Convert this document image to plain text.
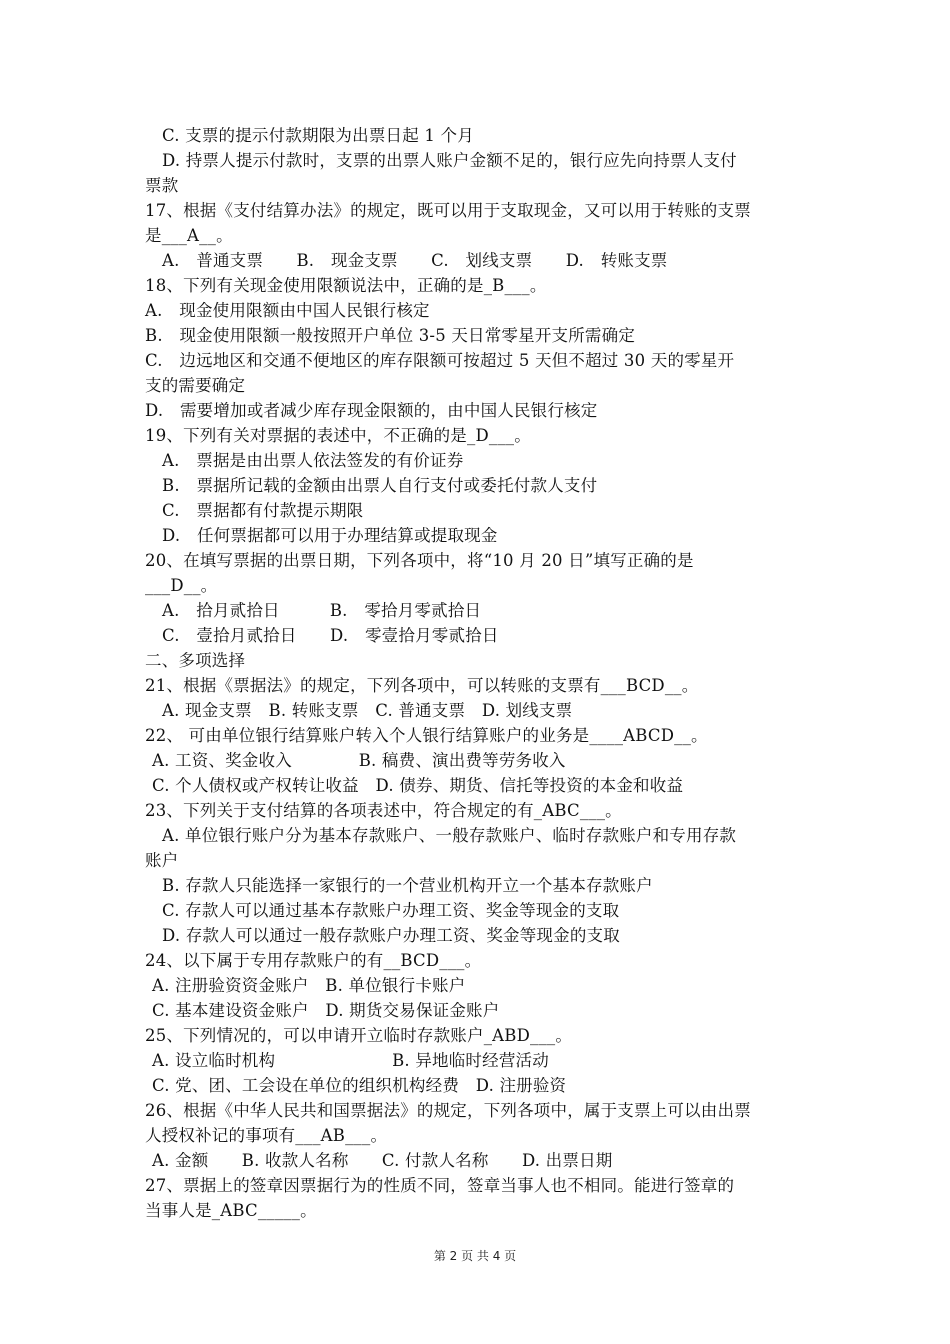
C. 支票的提示付款期限为出票日起 1 个月
D. 持票人提示付款时，支票的出票人账户金额不足的，银行应先向持票人支付
票款
17、根据《支付结算办法》的规定，既可以用于支取现金，又可以用于转账的支票
是___A__。
A.　普通支票　　B.　现金支票　　C.　划线支票　　D.　转账支票
18、下列有关现金使用限额说法中，正确的是_B___。
A.　现金使用限额由中国人民银行核定
B.　现金使用限额一般按照开户单位 3-5 天日常零星开支所需确定
C.　边远地区和交通不便地区的库存限额可按超过 5 天但不超过 30 天的零星开
支的需要确定
D.　需要增加或者减少库存现金限额的，由中国人民银行核定
19、下列有关对票据的表述中，不正确的是_D___。
A.　票据是由出票人依法签发的有价证券
B.　票据所记载的金额由出票人自行支付或委托付款人支付
C.　票据都有付款提示期限
D.　任何票据都可以用于办理结算或提取现金
20、在填写票据的出票日期，下列各项中，将“10 月 20 日”填写正确的是
___D__。
A.　拾月贰拾日　　　B.　零拾月零贰拾日
C.　壹拾月贰拾日　　D.　零壹拾月零贰拾日
二、多项选择
21、根据《票据法》的规定，下列各项中，可以转账的支票有___BCD__。
A. 现金支票　B. 转账支票　C. 普通支票　D. 划线支票
22、 可由单位银行结算账户转入个人银行结算账户的业务是____ABCD__。
A. 工资、奖金收入　　　　B. 稿费、演出费等劳务收入
C. 个人债权或产权转让收益　D. 债券、期货、信托等投资的本金和收益
23、下列关于支付结算的各项表述中，符合规定的有_ABC___。
A. 单位银行账户分为基本存款账户、一般存款账户、临时存款账户和专用存款
账户
B. 存款人只能选择一家银行的一个营业机构开立一个基本存款账户
C. 存款人可以通过基本存款账户办理工资、奖金等现金的支取
D. 存款人可以通过一般存款账户办理工资、奖金等现金的支取
24、以下属于专用存款账户的有__BCD___。
A. 注册验资资金账户　B. 单位银行卡账户
C. 基本建设资金账户　D. 期货交易保证金账户
25、下列情况的，可以申请开立临时存款账户_ABD___。
A. 设立临时机构　　　　　　　B. 异地临时经营活动
C. 党、团、工会设在单位的组织机构经费　D. 注册验资
26、根据《中华人民共和国票据法》的规定，下列各项中，属于支票上可以由出票
人授权补记的事项有___AB___。
A. 金额　　B. 收款人名称　　C. 付款人名称　　D. 出票日期
27、票据上的签章因票据行为的性质不同，签章当事人也不相同。能进行签章的
当事人是_ABC_____。
第 2 页 共 4 页
